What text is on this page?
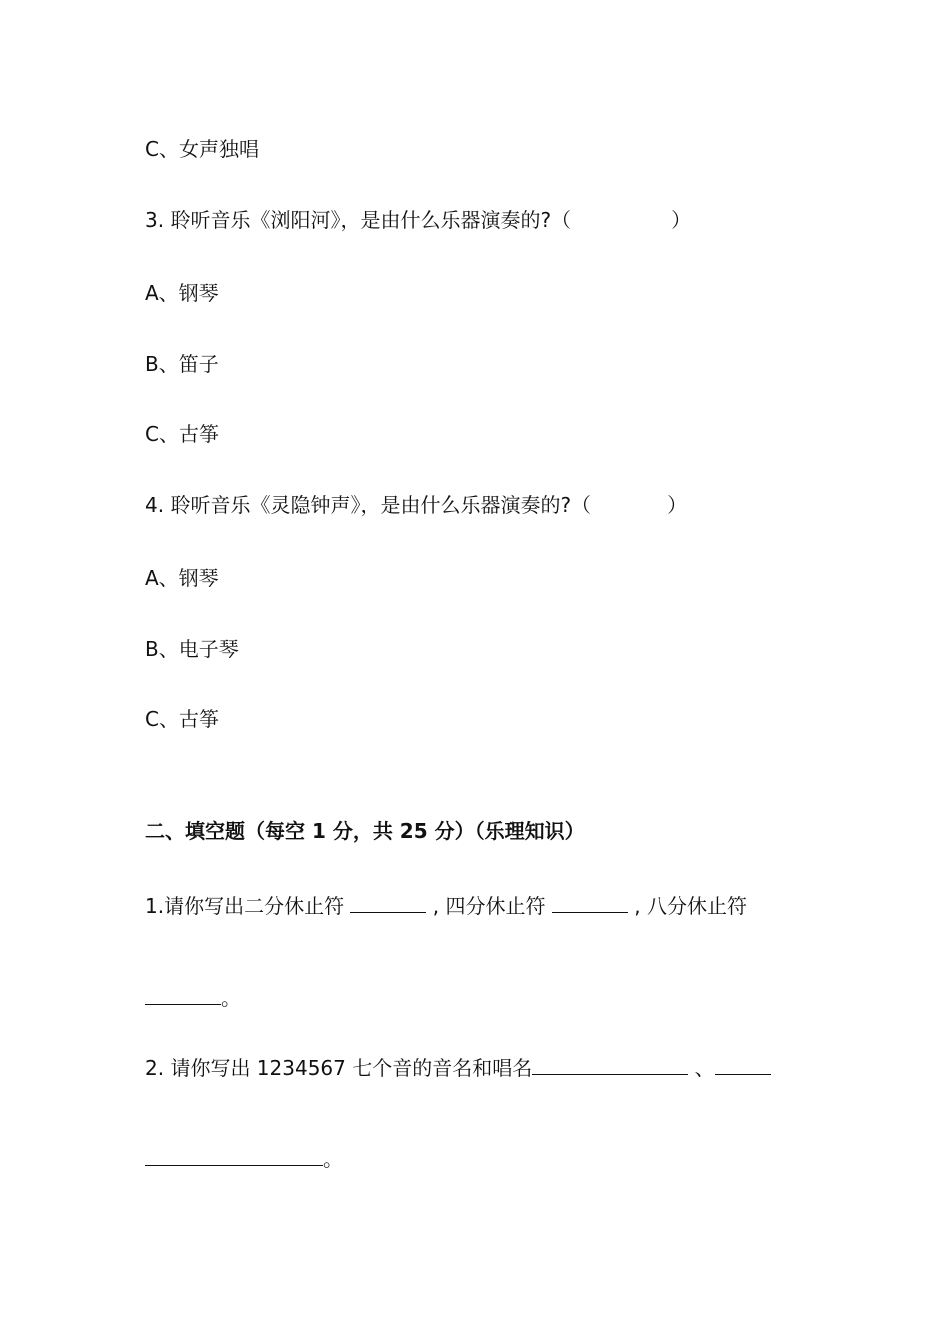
C、女声独唱
3. 聆听音乐《浏阳河》，是由什么乐器演奏的?（	）
A、钢琴
B、笛子
C、古筝
4. 聆听音乐《灵隐钟声》，是由什么乐器演奏的?（	）
A、钢琴
B、电子琴
C、古筝
二、填空题（每空 1 分，共 25 分）（乐理知识）
1.请你写出二分休止符	, 四分休止符	, 八分休止符
。
2. 请你写出 1234567 七个音的音名和唱名	、
。
